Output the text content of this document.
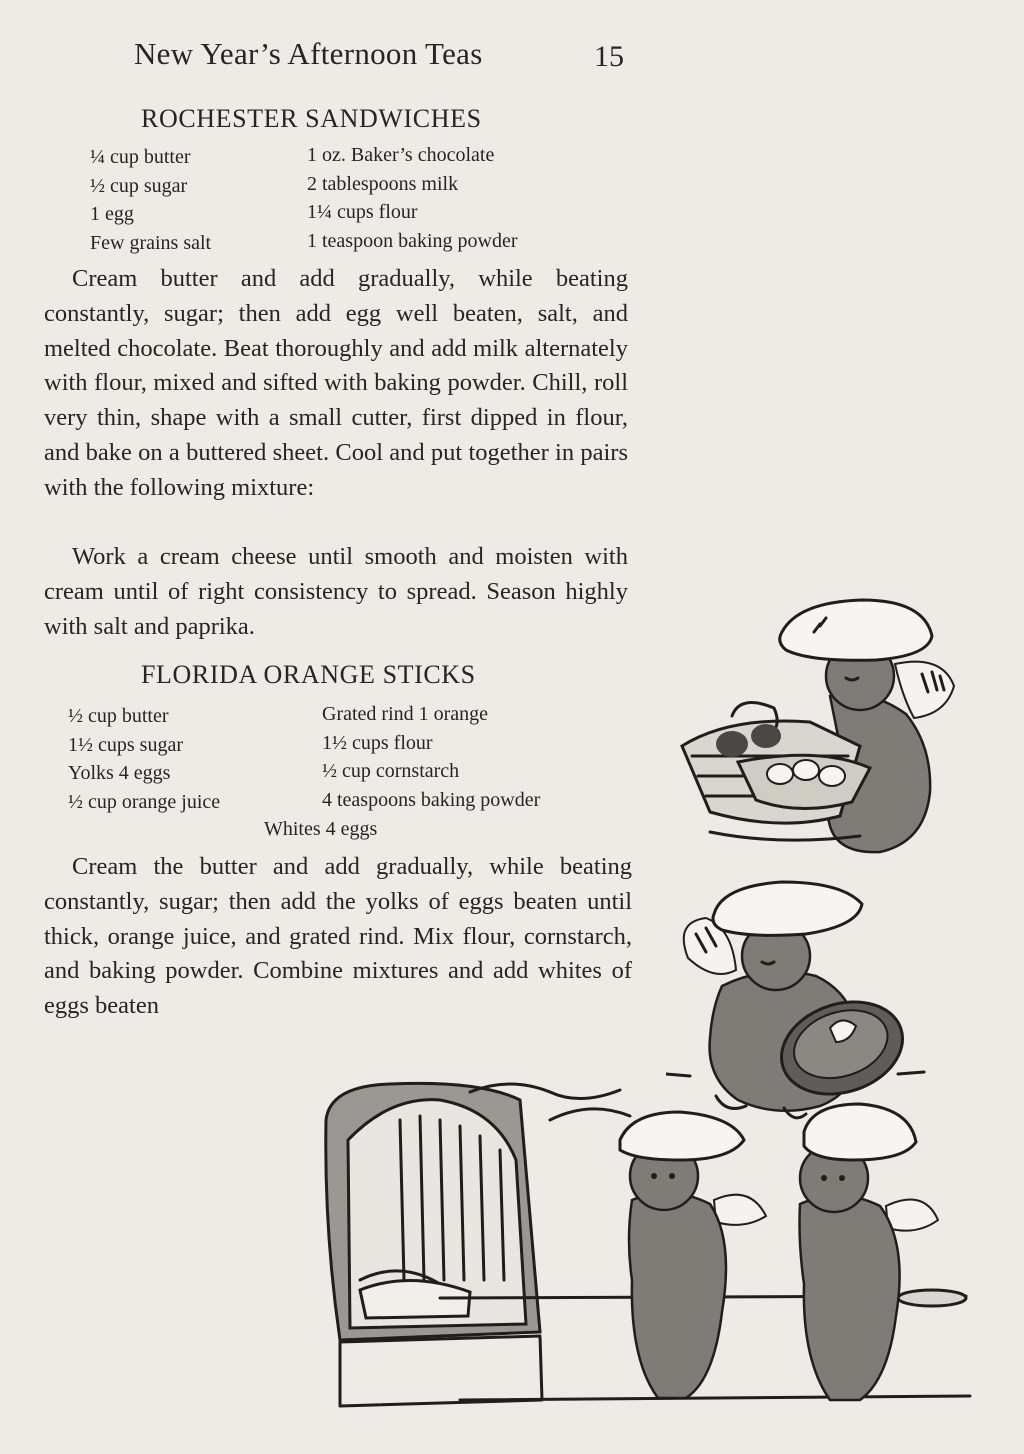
New Year’s Afternoon Teas	15
ROCHESTER SANDWICHES
¼ cup butter
½ cup sugar
1 egg
Few grains salt
1 oz. Baker’s chocolate
2 tablespoons milk
1¼ cups flour
1 teaspoon baking powder

Cream butter and add gradually, while beating constantly, sugar; then add egg well beaten, salt, and melted chocolate. Beat thoroughly and add milk alternately with flour, mixed and sifted with baking powder. Chill, roll very thin, shape with a small cutter, first dipped in flour, and bake on a buttered sheet. Cool and put together in pairs with the following mixture:

Work a cream cheese until smooth and moisten with cream until of right consistency to spread. Season highly with salt and paprika.

FLORIDA ORANGE STICKS
½ cup butter
1½ cups sugar
Yolks 4 eggs
½ cup orange juice
Grated rind 1 orange
1½ cups flour
½ cup cornstarch
4 teaspoons baking powder
Whites 4 eggs

Cream the butter and add gradually, while beating constantly, sugar; then add the yolks of eggs beaten until thick, orange juice, and grated rind. Mix flour, cornstarch, and baking powder. Combine mixtures and add whites of eggs beaten
